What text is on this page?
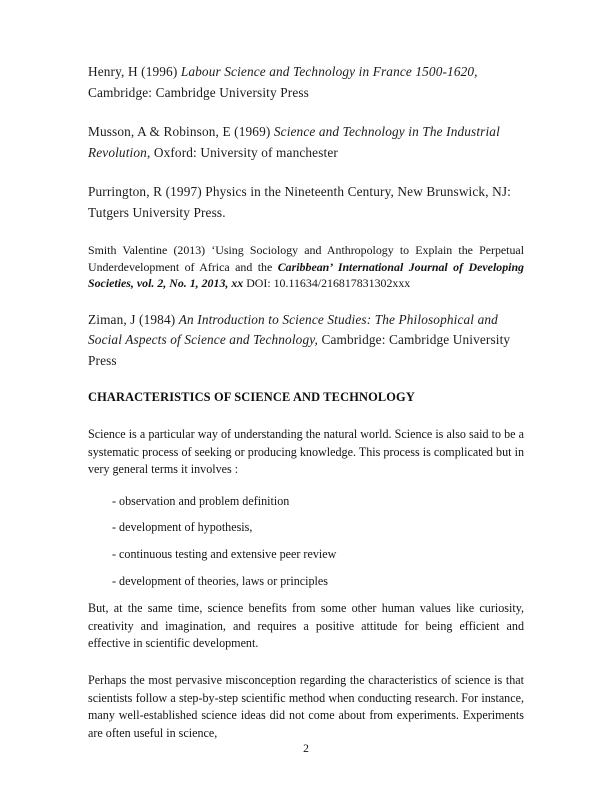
Henry, H (1996) Labour Science and Technology in France 1500-1620, Cambridge: Cambridge University Press

Musson, A & Robinson, E (1969) Science and Technology in The Industrial Revolution, Oxford: University of manchester

Purrington, R (1997) Physics in the Nineteenth Century, New Brunswick, NJ: Tutgers University Press.

Smith Valentine (2013) ‘Using Sociology and Anthropology to Explain the Perpetual Underdevelopment of Africa and the Caribbean’ International Journal of Developing Societies, vol. 2, No. 1, 2013, xx DOI: 10.11634/216817831302xxx

Ziman, J (1984) An Introduction to Science Studies: The Philosophical and Social Aspects of Science and Technology, Cambridge: Cambridge University Press

CHARACTERISTICS OF SCIENCE AND TECHNOLOGY

Science is a particular way of understanding the natural world. Science is also said to be a systematic process of seeking or producing knowledge. This process is complicated but in very general terms it involves :

- observation and problem definition
- development of hypothesis,
- continuous testing and extensive peer review
- development of theories, laws or principles

But, at the same time, science benefits from some other human values like curiosity, creativity and imagination, and requires a positive attitude for being efficient and effective in scientific development.

Perhaps the most pervasive misconception regarding the characteristics of science is that scientists follow a step-by-step scientific method when conducting research. For instance, many well-established science ideas did not come about from experiments. Experiments are often useful in science,

2
